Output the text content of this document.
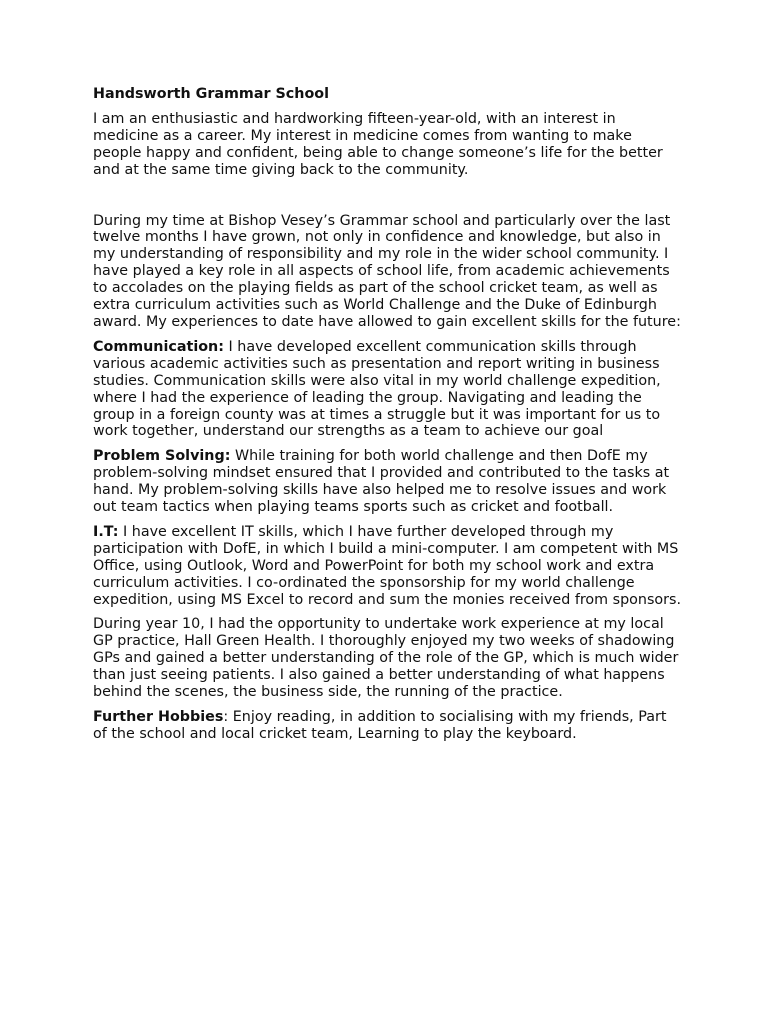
Handsworth Grammar School

I am an enthusiastic and hardworking fifteen-year-old, with an interest in medicine as a career. My interest in medicine comes from wanting to make people happy and confident, being able to change someone’s life for the better and at the same time giving back to the community.

During my time at Bishop Vesey’s Grammar school and particularly over the last twelve months I have grown, not only in confidence and knowledge, but also in my understanding of responsibility and my role in the wider school community. I have played a key role in all aspects of school life, from academic achievements to accolades on the playing fields as part of the school cricket team, as well as extra curriculum activities such as World Challenge and the Duke of Edinburgh award. My experiences to date have allowed to gain excellent skills for the future:

Communication: I have developed excellent communication skills through various academic activities such as presentation and report writing in business studies. Communication skills were also vital in my world challenge expedition, where I had the experience of leading the group. Navigating and leading the group in a foreign county was at times a struggle but it was important for us to work together, understand our strengths as a team to achieve our goal

Problem Solving: While training for both world challenge and then DofE my problem-solving mindset ensured that I provided and contributed to the tasks at hand. My problem-solving skills have also helped me to resolve issues and work out team tactics when playing teams sports such as cricket and football.

I.T: I have excellent IT skills, which I have further developed through my participation with DofE, in which I build a mini-computer. I am competent with MS Office, using Outlook, Word and PowerPoint for both my school work and extra curriculum activities. I co-ordinated the sponsorship for my world challenge expedition, using MS Excel to record and sum the monies received from sponsors.

During year 10, I had the opportunity to undertake work experience at my local GP practice, Hall Green Health. I thoroughly enjoyed my two weeks of shadowing GPs and gained a better understanding of the role of the GP, which is much wider than just seeing patients. I also gained a better understanding of what happens behind the scenes, the business side, the running of the practice.

Further Hobbies: Enjoy reading, in addition to socialising with my friends, Part of the school and local cricket team, Learning to play the keyboard.
